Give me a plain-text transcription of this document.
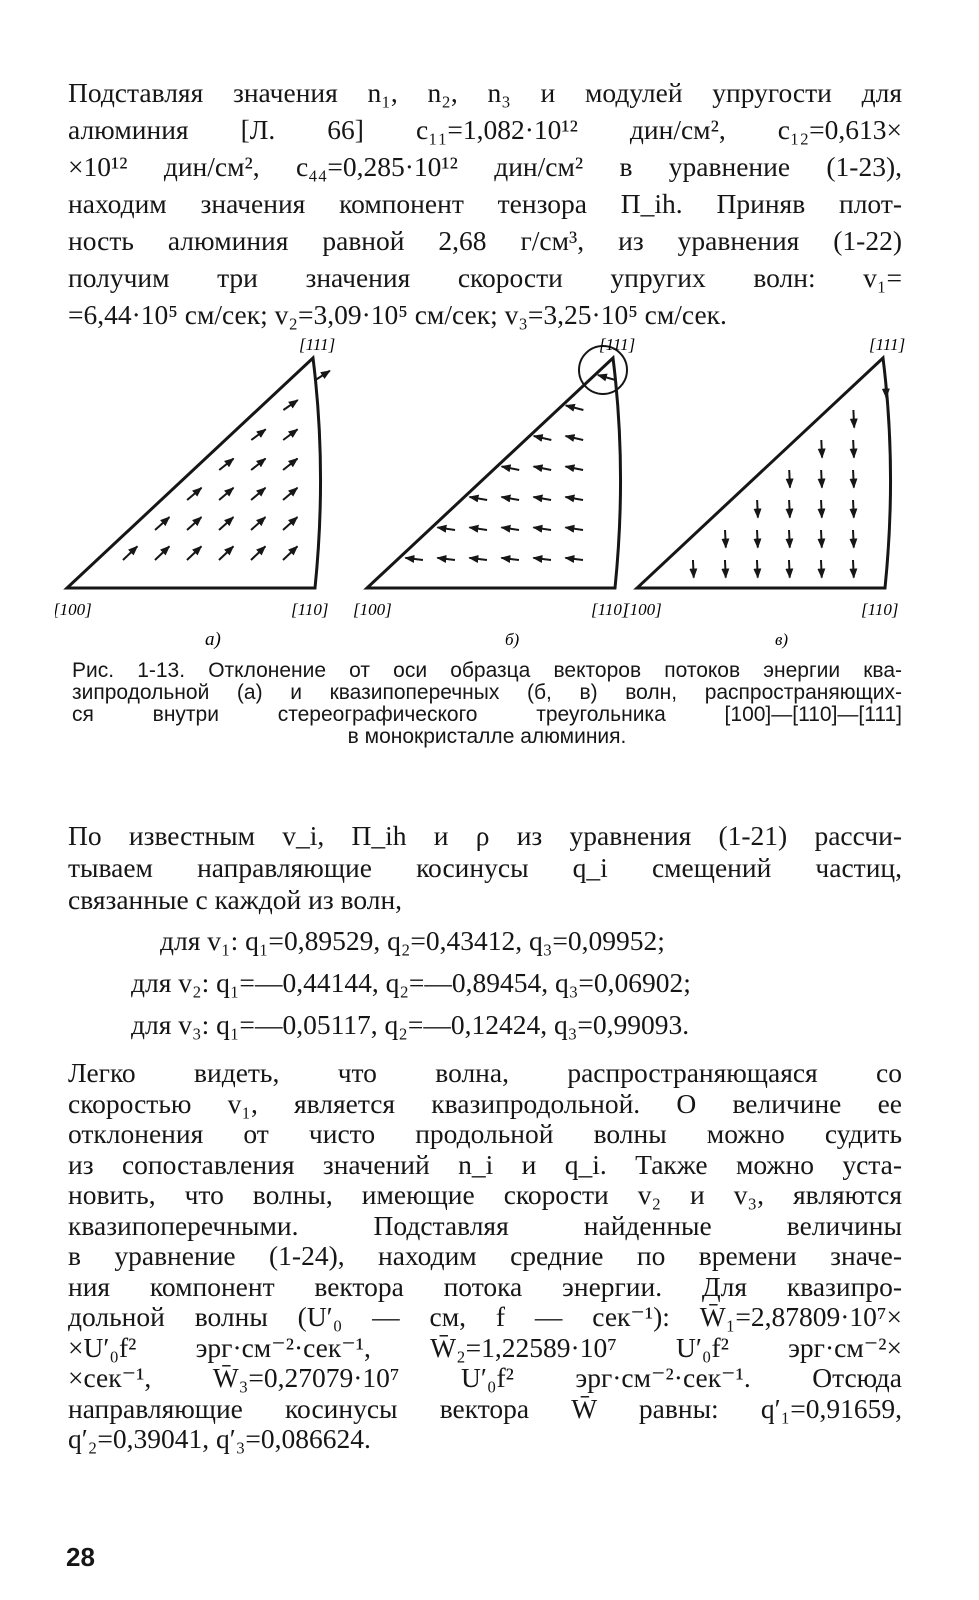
Подставляя значения n₁, n₂, n₃ и модулей упругости для
алюминия [Л. 66] c₁₁=1,082·10¹² дин/см², c₁₂=0,613×
×10¹² дин/см², c₄₄=0,285·10¹² дин/см² в уравнение (1-23),
находим значения компонент тензора Π_ih. Приняв плот-
ность алюминия равной 2,68 г/см³, из уравнения (1-22)
получим три значения скорости упругих волн: v₁=
=6,44·10⁵ см/сек; v₂=3,09·10⁵ см/сек; v₃=3,25·10⁵ см/сек.
[111]
[100]	[110]
а)
[111]
[100]	[110]
б)
[111]
[100]	[110]
в)
Рис. 1-13. Отклонение от оси образца векторов потоков энергии ква-
зипродольной (а) и квазипоперечных (б, в) волн, распространяющих-
ся внутри стереографического треугольника [100]—[110]—[111]
в монокристалле алюминия.
По известным v_i, Π_ih и ρ из уравнения (1-21) рассчи-
тываем направляющие косинусы q_i смещений частиц,
связанные с каждой из волн,
для v₁: q₁=0,89529, q₂=0,43412, q₃=0,09952;
для v₂: q₁=—0,44144, q₂=—0,89454, q₃=0,06902;
для v₃: q₁=—0,05117, q₂=—0,12424, q₃=0,99093.
Легко видеть, что волна, распространяющаяся со
скоростью v₁, является квазипродольной. О величине ее
отклонения от чисто продольной волны можно судить
из сопоставления значений n_i и q_i. Также можно уста-
новить, что волны, имеющие скорости v₂ и v₃, являются
квазипоперечными. Подставляя найденные величины
в уравнение (1-24), находим средние по времени значе-
ния компонент вектора потока энергии. Для квазипро-
дольной волны (U′₀ — см, f — сек⁻¹): W̄₁=2,87809·10⁷×
×U′₀f² эрг·см⁻²·сек⁻¹, W̄₂=1,22589·10⁷ U′₀f² эрг·см⁻²×
×сек⁻¹, W̄₃=0,27079·10⁷ U′₀f² эрг·см⁻²·сек⁻¹. Отсюда
направляющие косинусы вектора W̄ равны: q′₁=0,91659,
q′₂=0,39041, q′₃=0,086624.
28
